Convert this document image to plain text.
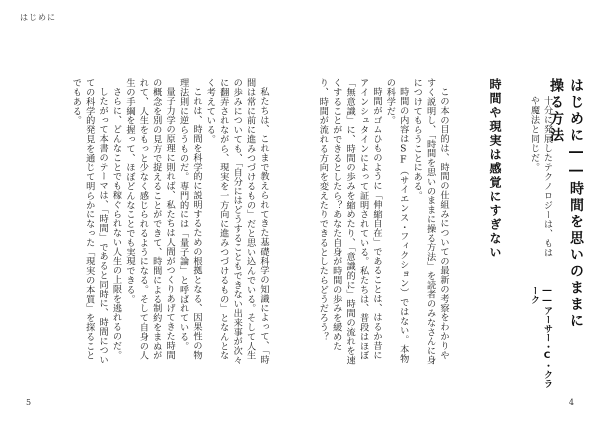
はじめに

私たちは、これまで教えられてきた基礎科学の知識によって、「時間は常に前に進みつづけるもの」だと思い込んでいる。そして人生の歩みについても、「自分にはどうすることもできない出来事が次々に翻弄されながら、現実を一方向に進みつづけるもの」となんとなく考えている。

これは、時間を科学的に説明するための根拠となる、因果性の物理法則に逆らうものだ。専門的には「量子論」と呼ばれている。

量子力学の原理に則れば、私たちは人間がつくりあげてきた時間の概念を別の見方で捉えることができて、時間による制約をまぬがれて、人生をもっと少なく感じられるようになる。そして自身の人生の手綱を握って、ほぼどんなことでも実現できる。

さらに、どんなことでも稼ぐられない人生の上限を逃れるのだ。

したがって本書のテーマは、「時間」であると同時に、時間についての科学的発見を通じて明らかになった「現実の本質」を探ることでもある。

5
はじめに――時間を思いのままに操る方法
十分に発展したテクノロジーは、もはや魔法と同じだ。
――アーサー・C・クラーク
時間や現実は感覚にすぎない

この本の目的は、時間の仕組みについての最新の考察をわかりやすく説明し、「時間を思いのままに操る方法」を読者のみなさんに身につけてもらうことにある。

時間の内容はSF（サイエンス・フィクション）ではない。本物の科学だ。

時間がゴムひものように「伸縮自在」であることは、はるか昔にアインシュタインによって証明されている。私たちは、普段はほぼ「無意識」に、時間の歩みを縮めたり、「意識的に」時間の流れを速くすることができるとしたら？あなた自身が時間の歩みを緩めたり、時間が流れる方向を変えたりできるとしたらどうだろう？

4
